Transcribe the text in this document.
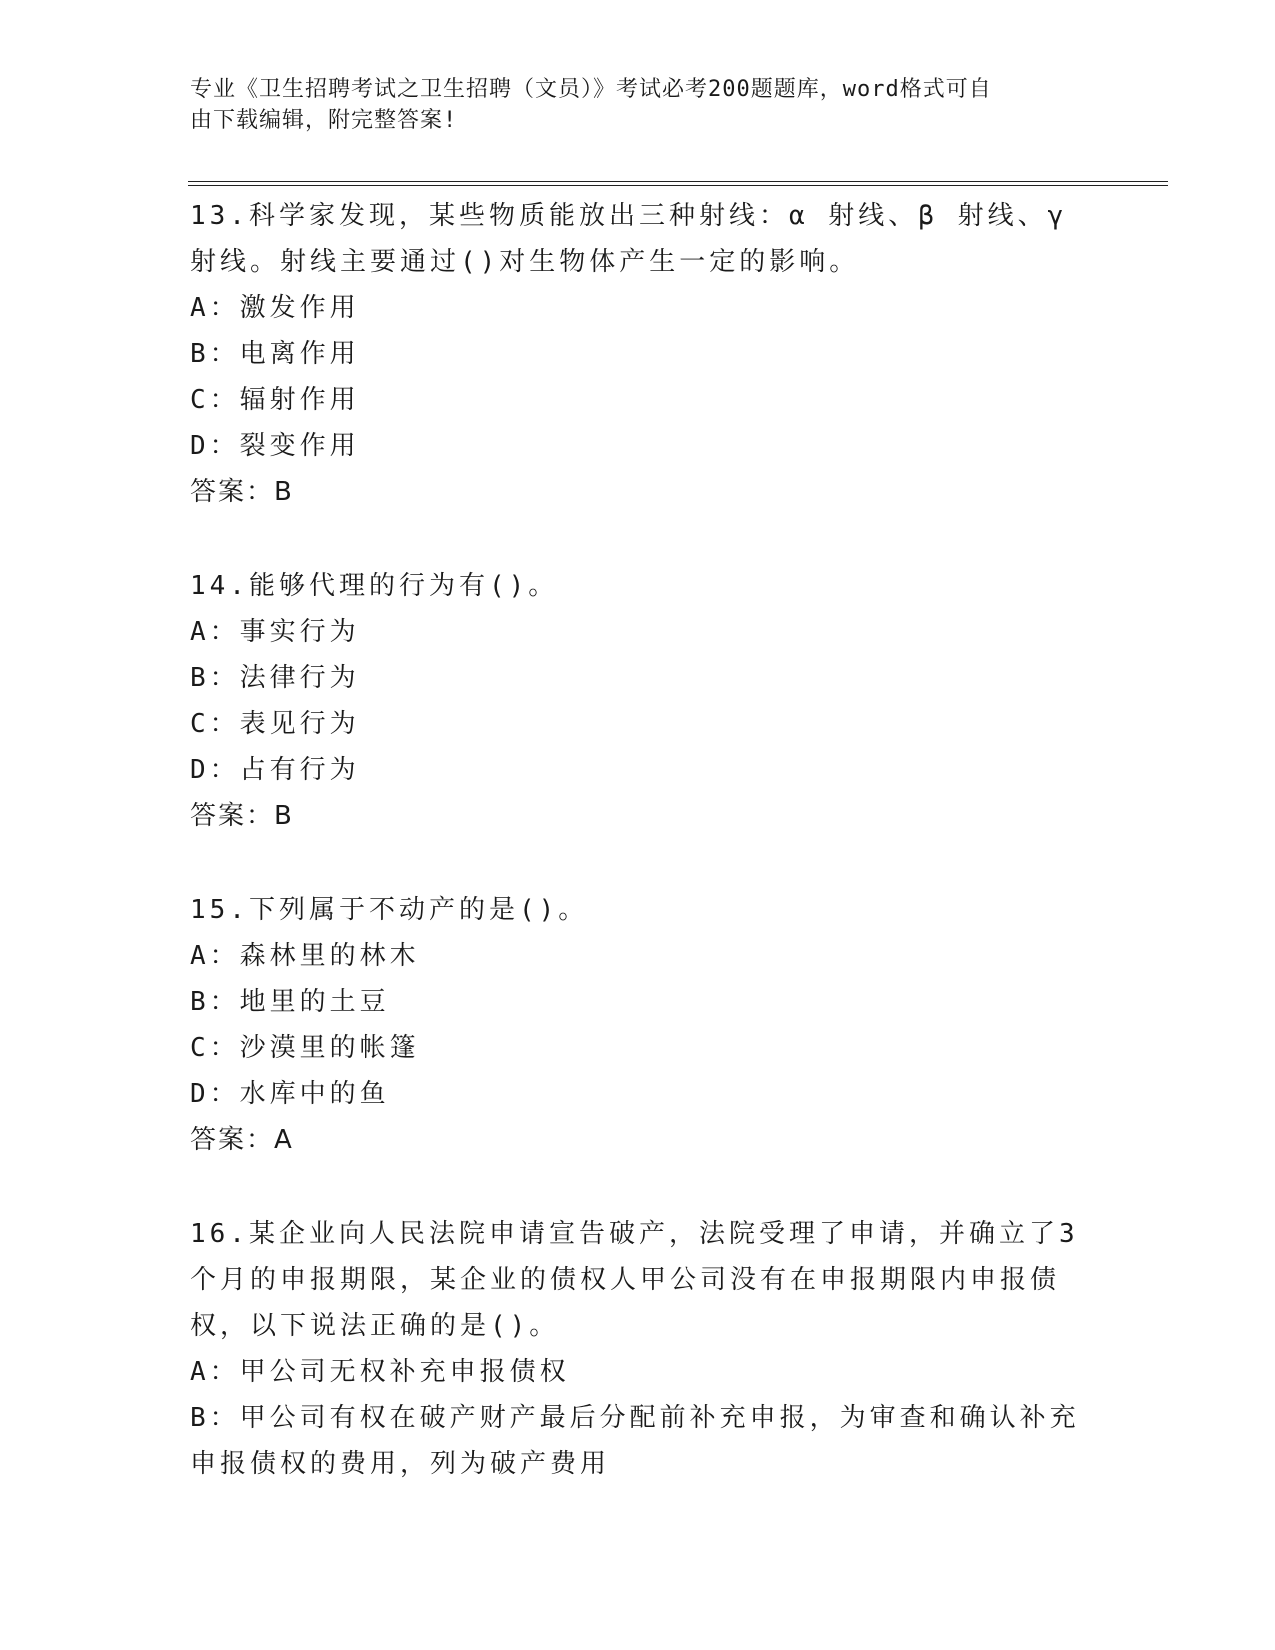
专业《卫生招聘考试之卫生招聘（文员）》考试必考200题题库，word格式可自
由下载编辑，附完整答案!
13.科学家发现，某些物质能放出三种射线：α 射线、β 射线、γ 射线。射线主要通过()对生物体产生一定的影响。
A：激发作用
B：电离作用
C：辐射作用
D：裂变作用
答案：B
14.能够代理的行为有()。
A：事实行为
B：法律行为
C：表见行为
D：占有行为
答案：B
15.下列属于不动产的是()。
A：森林里的林木
B：地里的土豆
C：沙漠里的帐篷
D：水库中的鱼
答案：A
16.某企业向人民法院申请宣告破产，法院受理了申请，并确立了3个月的申报期限，某企业的债权人甲公司没有在申报期限内申报债权，以下说法正确的是()。
A：甲公司无权补充申报债权
B：甲公司有权在破产财产最后分配前补充申报，为审查和确认补充申报债权的费用，列为破产费用
